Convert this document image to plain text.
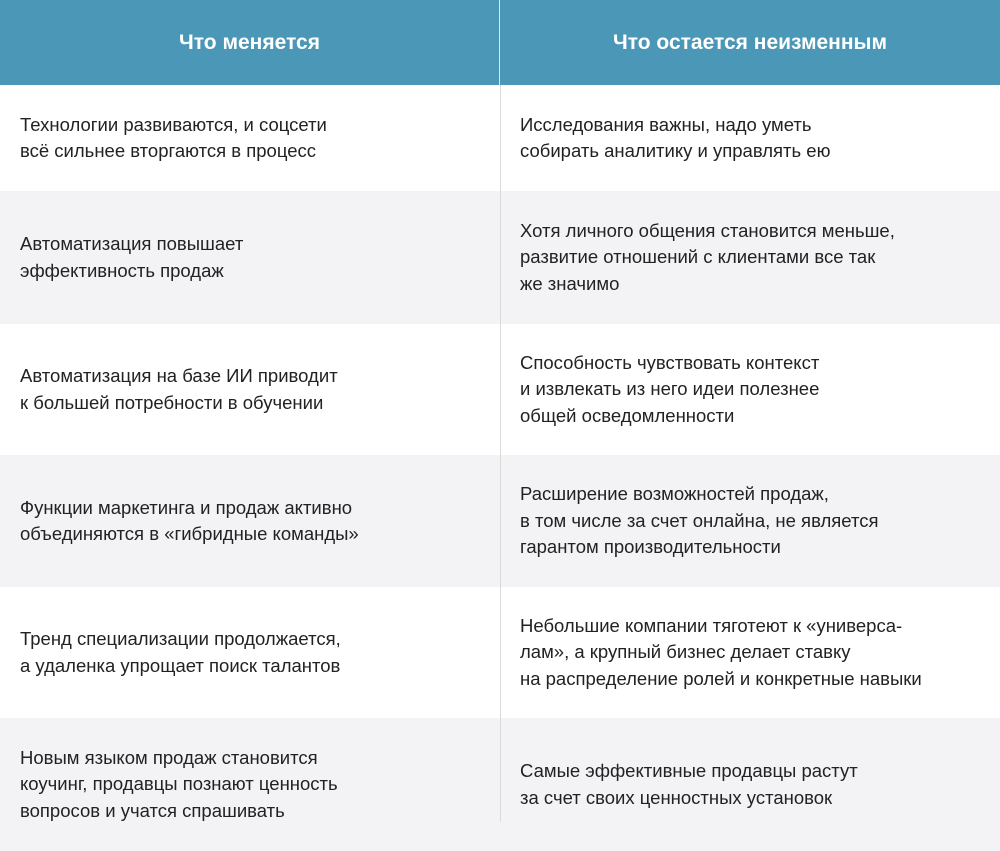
Что меняется	Что остается неизменным
Технологии развиваются, и соцсети
всё сильнее вторгаются в процесс
Исследования важны, надо уметь
собирать аналитику и управлять ею
Автоматизация повышает
эффективность продаж
Хотя личного общения становится меньше,
развитие отношений с клиентами все так
же значимо
Автоматизация на базе ИИ приводит
к большей потребности в обучении
Способность чувствовать контекст
и извлекать из него идеи полезнее
общей осведомленности
Функции маркетинга и продаж активно
объединяются в «гибридные команды»
Расширение возможностей продаж,
в том числе за счет онлайна, не является
гарантом производительности
Тренд специализации продолжается,
а удаленка упрощает поиск талантов
Небольшие компании тяготеют к «универса-
лам», а крупный бизнес делает ставку
на распределение ролей и конкретные навыки
Новым языком продаж становится
коучинг, продавцы познают ценность
вопросов и учатся спрашивать
Самые эффективные продавцы растут
за счет своих ценностных установок
